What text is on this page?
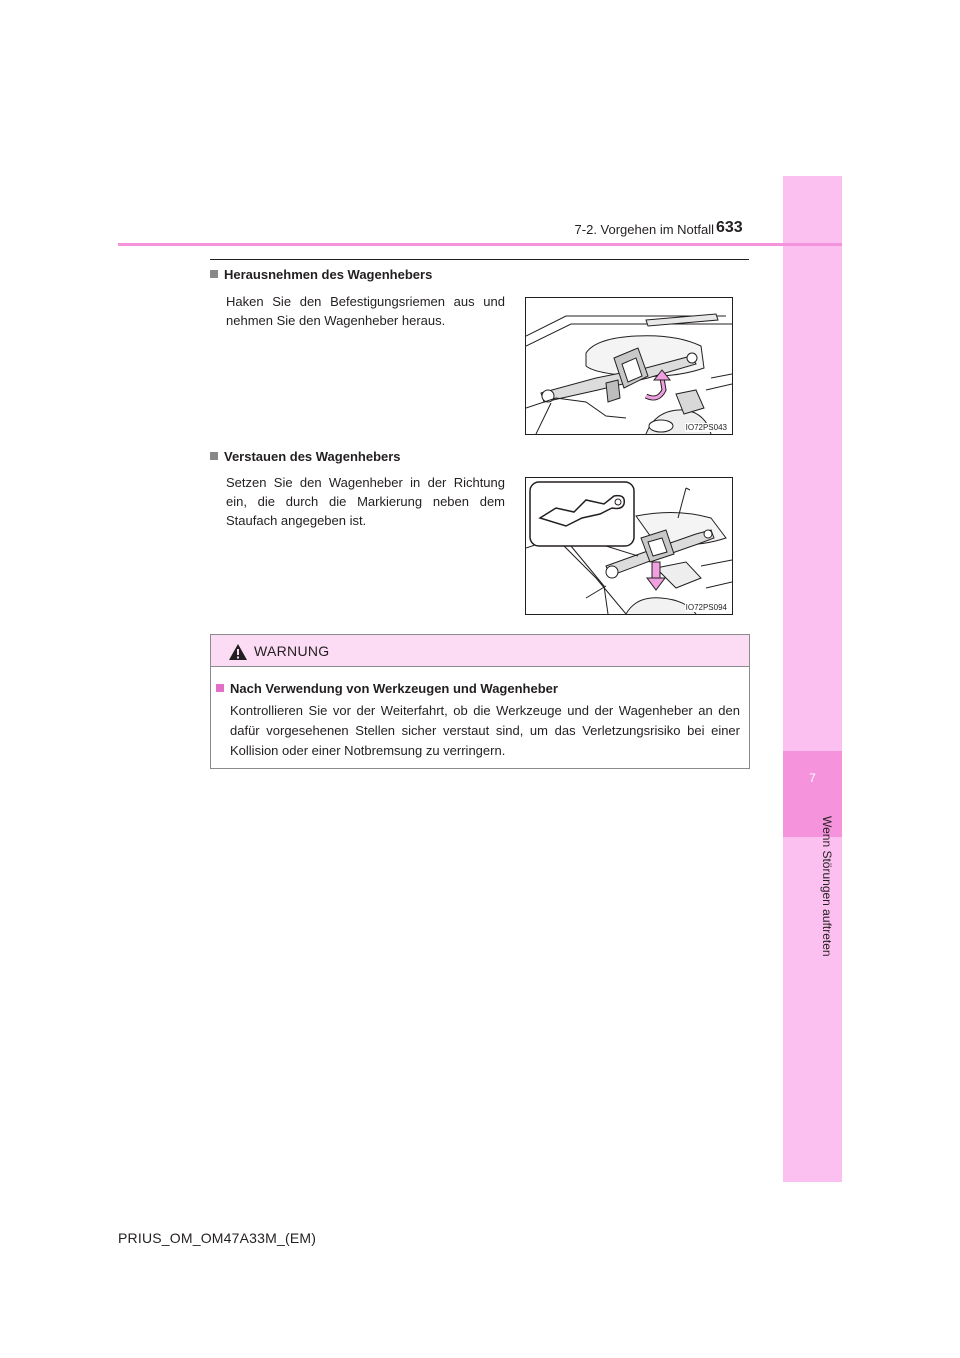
7
Wenn Störungen auftreten
7-2. Vorgehen im Notfall 633
Herausnehmen des Wagenhebers
Haken Sie den Befestigungsriemen aus und nehmen Sie den Wagenheber heraus.
IO72PS043
Verstauen des Wagenhebers
Setzen Sie den Wagenheber in der Richtung ein, die durch die Markierung neben dem Staufach angegeben ist.
IO72PS094
WARNUNG
Nach Verwendung von Werkzeugen und Wagenheber
Kontrollieren Sie vor der Weiterfahrt, ob die Werkzeuge und der Wagenheber an den dafür vorgesehenen Stellen sicher verstaut sind, um das Verletzungsrisiko bei einer Kollision oder einer Notbremsung zu verringern.
PRIUS_OM_OM47A33M_(EM)
